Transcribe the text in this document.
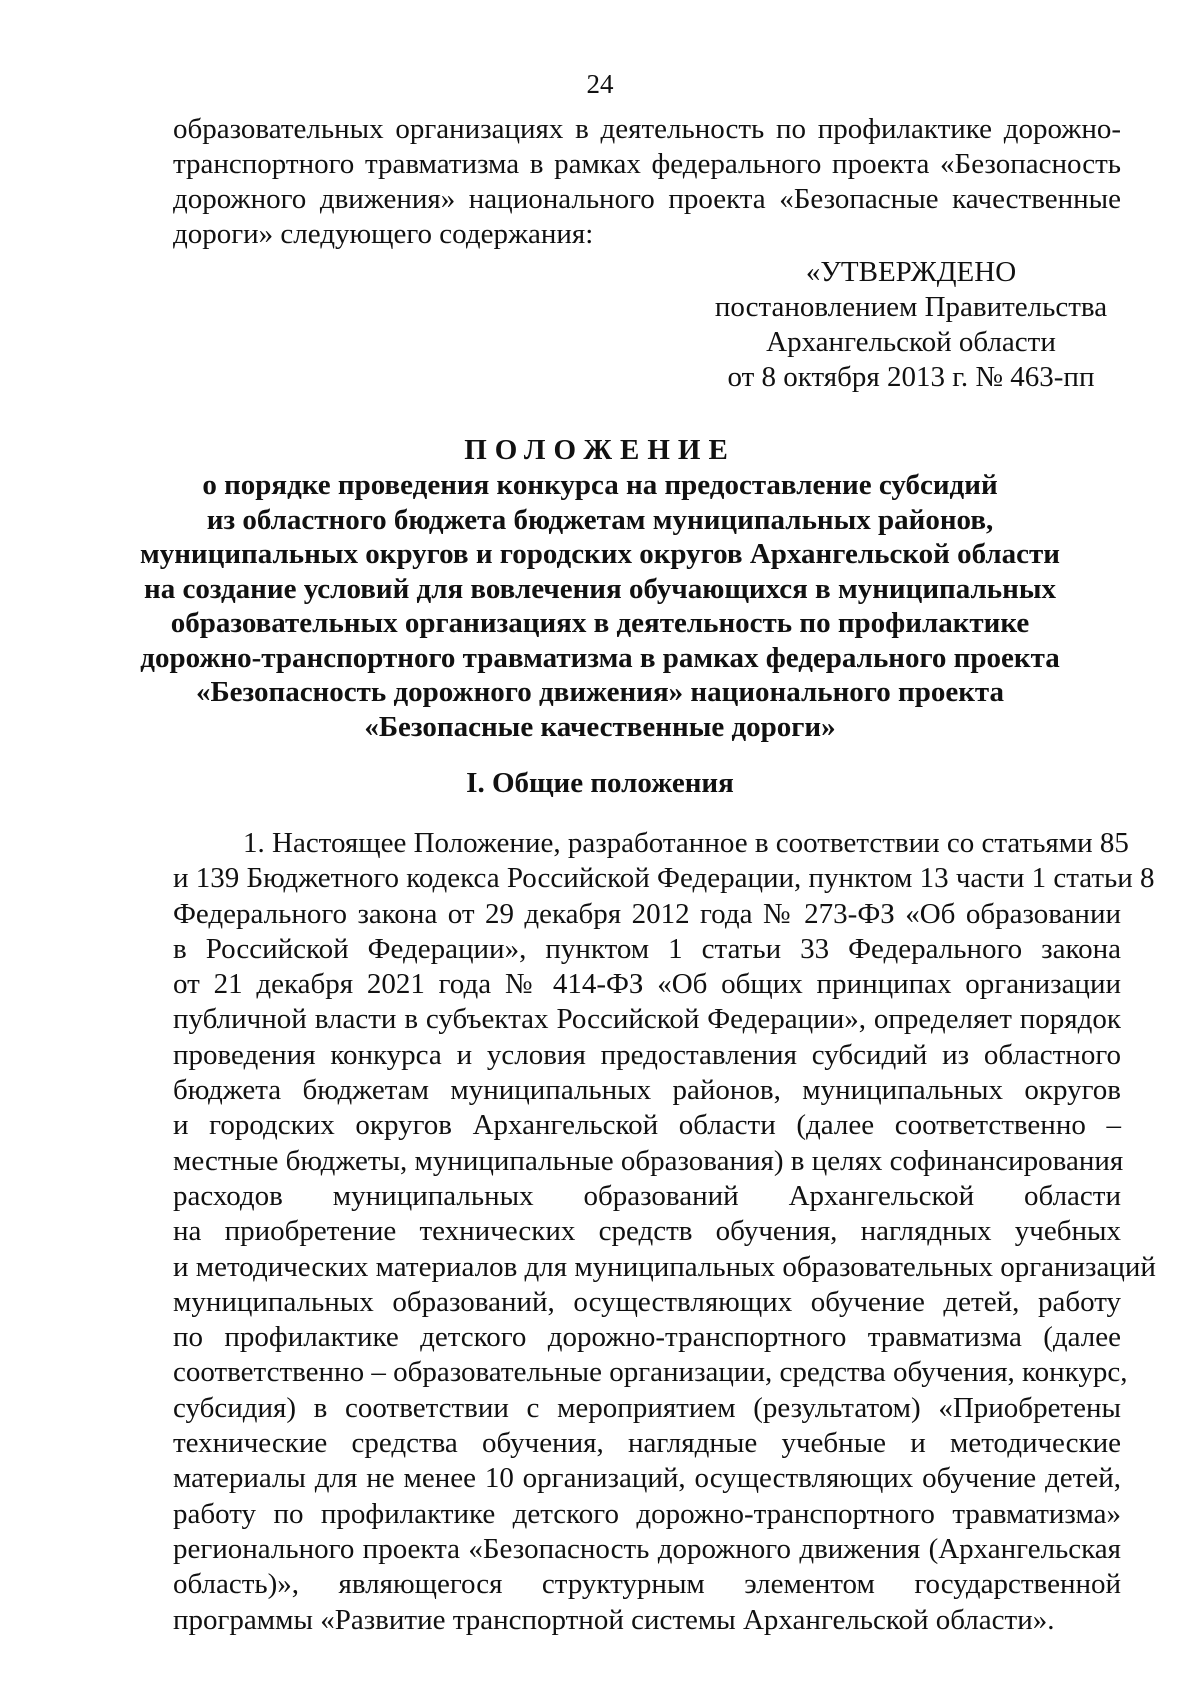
24
образовательных организациях в деятельность по профилактике дорожно-
транспортного травматизма в рамках федерального проекта «Безопасность
дорожного движения» национального проекта «Безопасные качественные
дороги» следующего содержания:
«УТВЕРЖДЕНО
постановлением Правительства
Архангельской области
от 8 октября 2013 г. № 463-пп
ПОЛОЖЕНИЕ
о порядке проведения конкурса на предоставление субсидий
из областного бюджета бюджетам муниципальных районов,
муниципальных округов и городских округов Архангельской области
на создание условий для вовлечения обучающихся в муниципальных
образовательных организациях в деятельность по профилактике
дорожно-транспортного травматизма в рамках федерального проекта
«Безопасность дорожного движения» национального проекта
«Безопасные качественные дороги»
I. Общие положения
1. Настоящее Положение, разработанное в соответствии со статьями 85
и 139 Бюджетного кодекса Российской Федерации, пунктом 13 части 1 статьи 8
Федерального закона от 29 декабря 2012 года № 273-ФЗ «Об образовании
в Российской Федерации», пунктом 1 статьи 33 Федерального закона
от 21 декабря 2021 года № 414-ФЗ «Об общих принципах организации
публичной власти в субъектах Российской Федерации», определяет порядок
проведения конкурса и условия предоставления субсидий из областного
бюджета бюджетам муниципальных районов, муниципальных округов
и городских округов Архангельской области (далее соответственно –
местные бюджеты, муниципальные образования) в целях софинансирования
расходов муниципальных образований Архангельской области
на приобретение технических средств обучения, наглядных учебных
и методических материалов для муниципальных образовательных организаций
муниципальных образований, осуществляющих обучение детей, работу
по профилактике детского дорожно-транспортного травматизма (далее
соответственно – образовательные организации, средства обучения, конкурс,
субсидия) в соответствии с мероприятием (результатом) «Приобретены
технические средства обучения, наглядные учебные и методические
материалы для не менее 10 организаций, осуществляющих обучение детей,
работу по профилактике детского дорожно-транспортного травматизма»
регионального проекта «Безопасность дорожного движения (Архангельская
область)», являющегося структурным элементом государственной
программы «Развитие транспортной системы Архангельской области».
